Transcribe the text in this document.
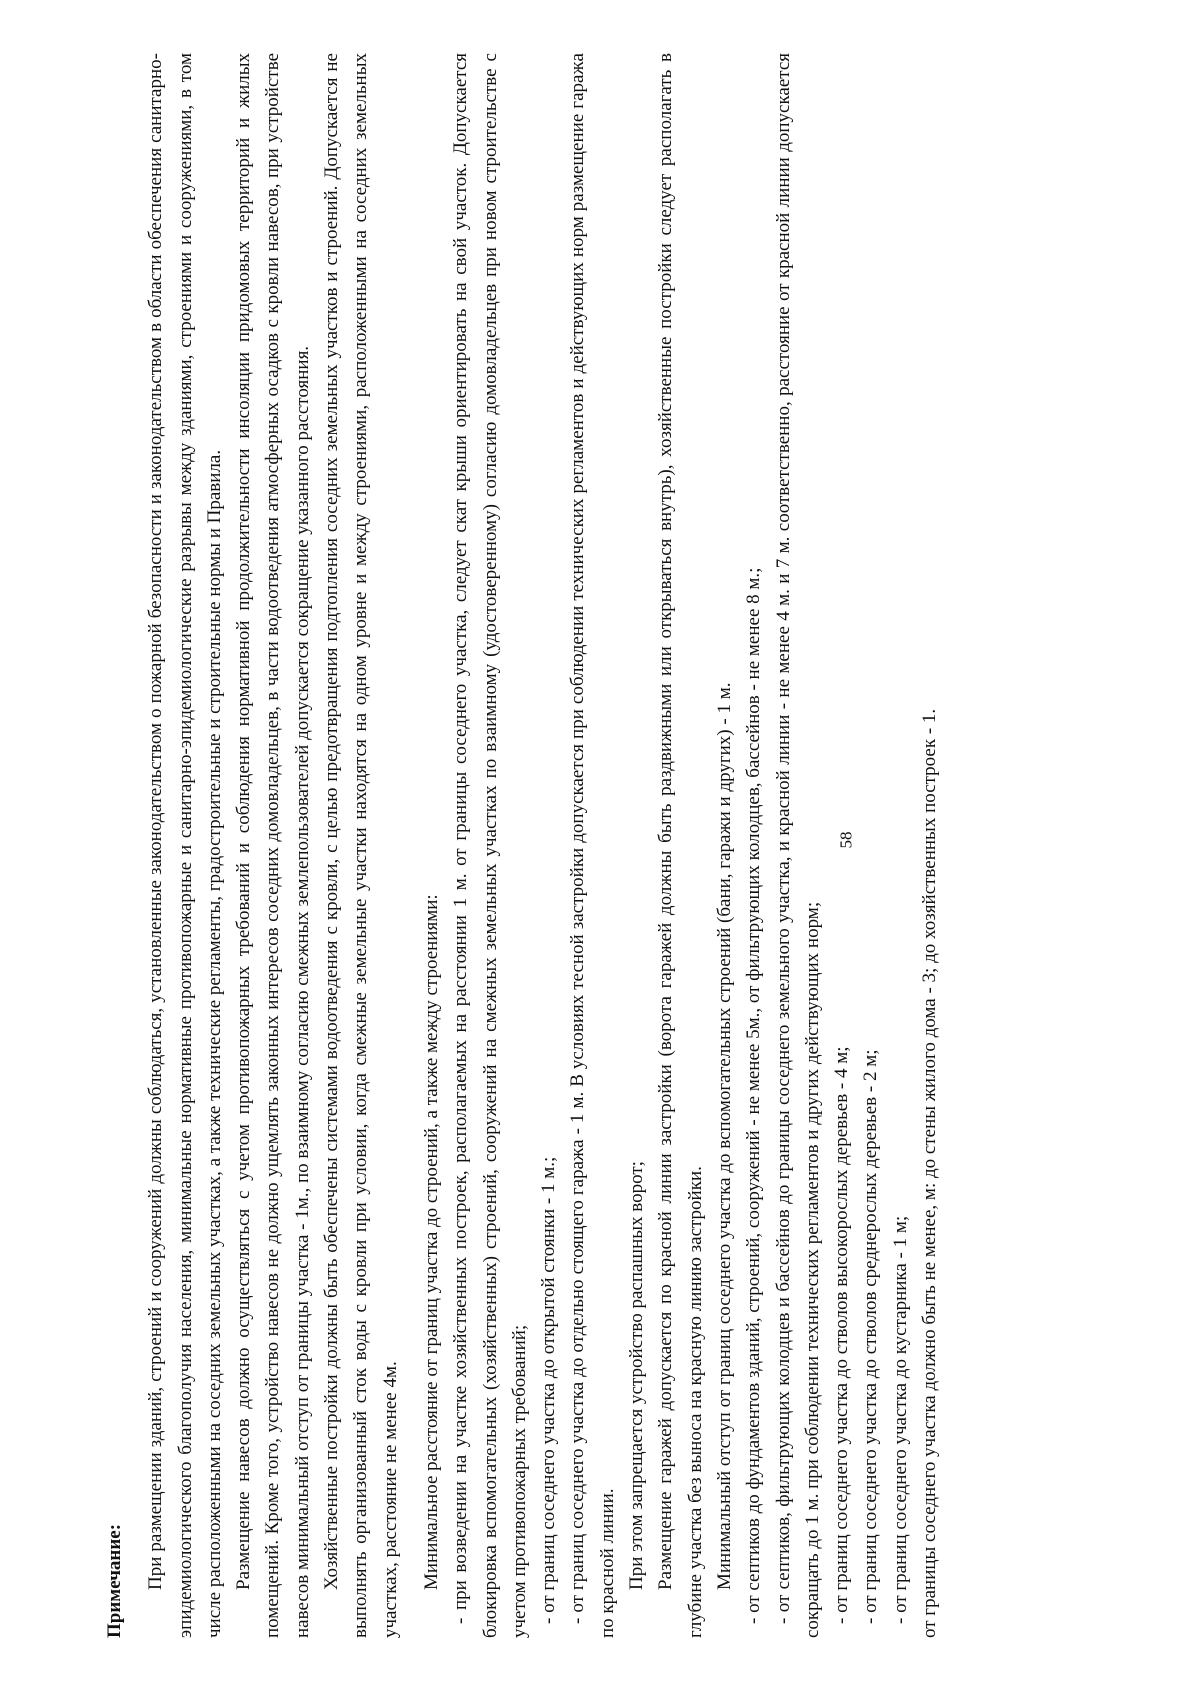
58
Примечание: При размещении зданий, строений и сооружений должны соблюдаться, установленные законодательством о пожарной безопасности и законодательством в области обеспечения санитарно-эпидемиологического благополучия населения, минимальные нормативные противопожарные и санитарно-эпидемиологические разрывы между зданиями, строениями и сооружениями, в том числе расположенными на соседних земельных участках, а также технические регламенты, градостроительные и строительные нормы и Правила. Размещение навесов должно осуществляться с учетом противопожарных требований и соблюдения нормативной продолжительности инсоляции придомовых территорий и жилых помещений. Кроме того, устройство навесов не должно ущемлять законных интересов соседних домовладельцев, в части водоотведения атмосферных осадков с кровли навесов, при устройстве навесов минимальный отступ от границы участка - 1м., по взаимному согласию смежных землепользователей допускается сокращение указанного расстояния. Хозяйственные постройки должны быть обеспечены системами водоотведения с кровли, с целью предотвращения подтопления соседних земельных участков и строений. Допускается не выполнять организованный сток воды с кровли при условии, когда смежные земельные участки находятся на одном уровне и между строениями, расположенными на соседних земельных участках, расстояние не менее 4м. Минимальное расстояние от границ участка до строений, а также между строениями: - при возведении на участке хозяйственных построек, располагаемых на расстоянии 1 м. от границы соседнего участка, следует скат крыши ориентировать на свой участок. Допускается блокировка вспомогательных (хозяйственных) строений, сооружений на смежных земельных участках по взаимному (удостоверенному) согласию домовладельцев при новом строительстве с учетом противопожарных требований; - от границ соседнего участка до открытой стоянки - 1 м.; - от границ соседнего участка до отдельно стоящего гаража - 1 м. В условиях тесной застройки допускается при соблюдении технических регламентов и действующих норм размещение гаража по красной линии. При этом запрещается устройство распашных ворот; Размещение гаражей допускается по красной линии застройки (ворота гаражей должны быть раздвижными или открываться внутрь), хозяйственные постройки следует располагать в глубине участка без выноса на красную линию застройки. Минимальный отступ от границ соседнего участка до вспомогательных строений (бани, гаражи и других) - 1 м. - от септиков до фундаментов зданий, строений, сооружений - не менее 5м., от фильтрующих колодцев, бассейнов - не менее 8 м.; - от септиков, фильтрующих колодцев и бассейнов до границы соседнего земельного участка, и красной линии - не менее 4 м. и 7 м. соответственно, расстояние от красной линии допускается сокращать до 1 м. при соблюдении технических регламентов и других действующих норм; - от границ соседнего участка до стволов высокорослых деревьев - 4 м; - от границ соседнего участка до стволов среднерослых деревьев - 2 м; - от границ соседнего участка до кустарника - 1 м; от границы соседнего участка должно быть не менее, м: до стены жилого дома - 3; до хозяйственных построек - 1.
